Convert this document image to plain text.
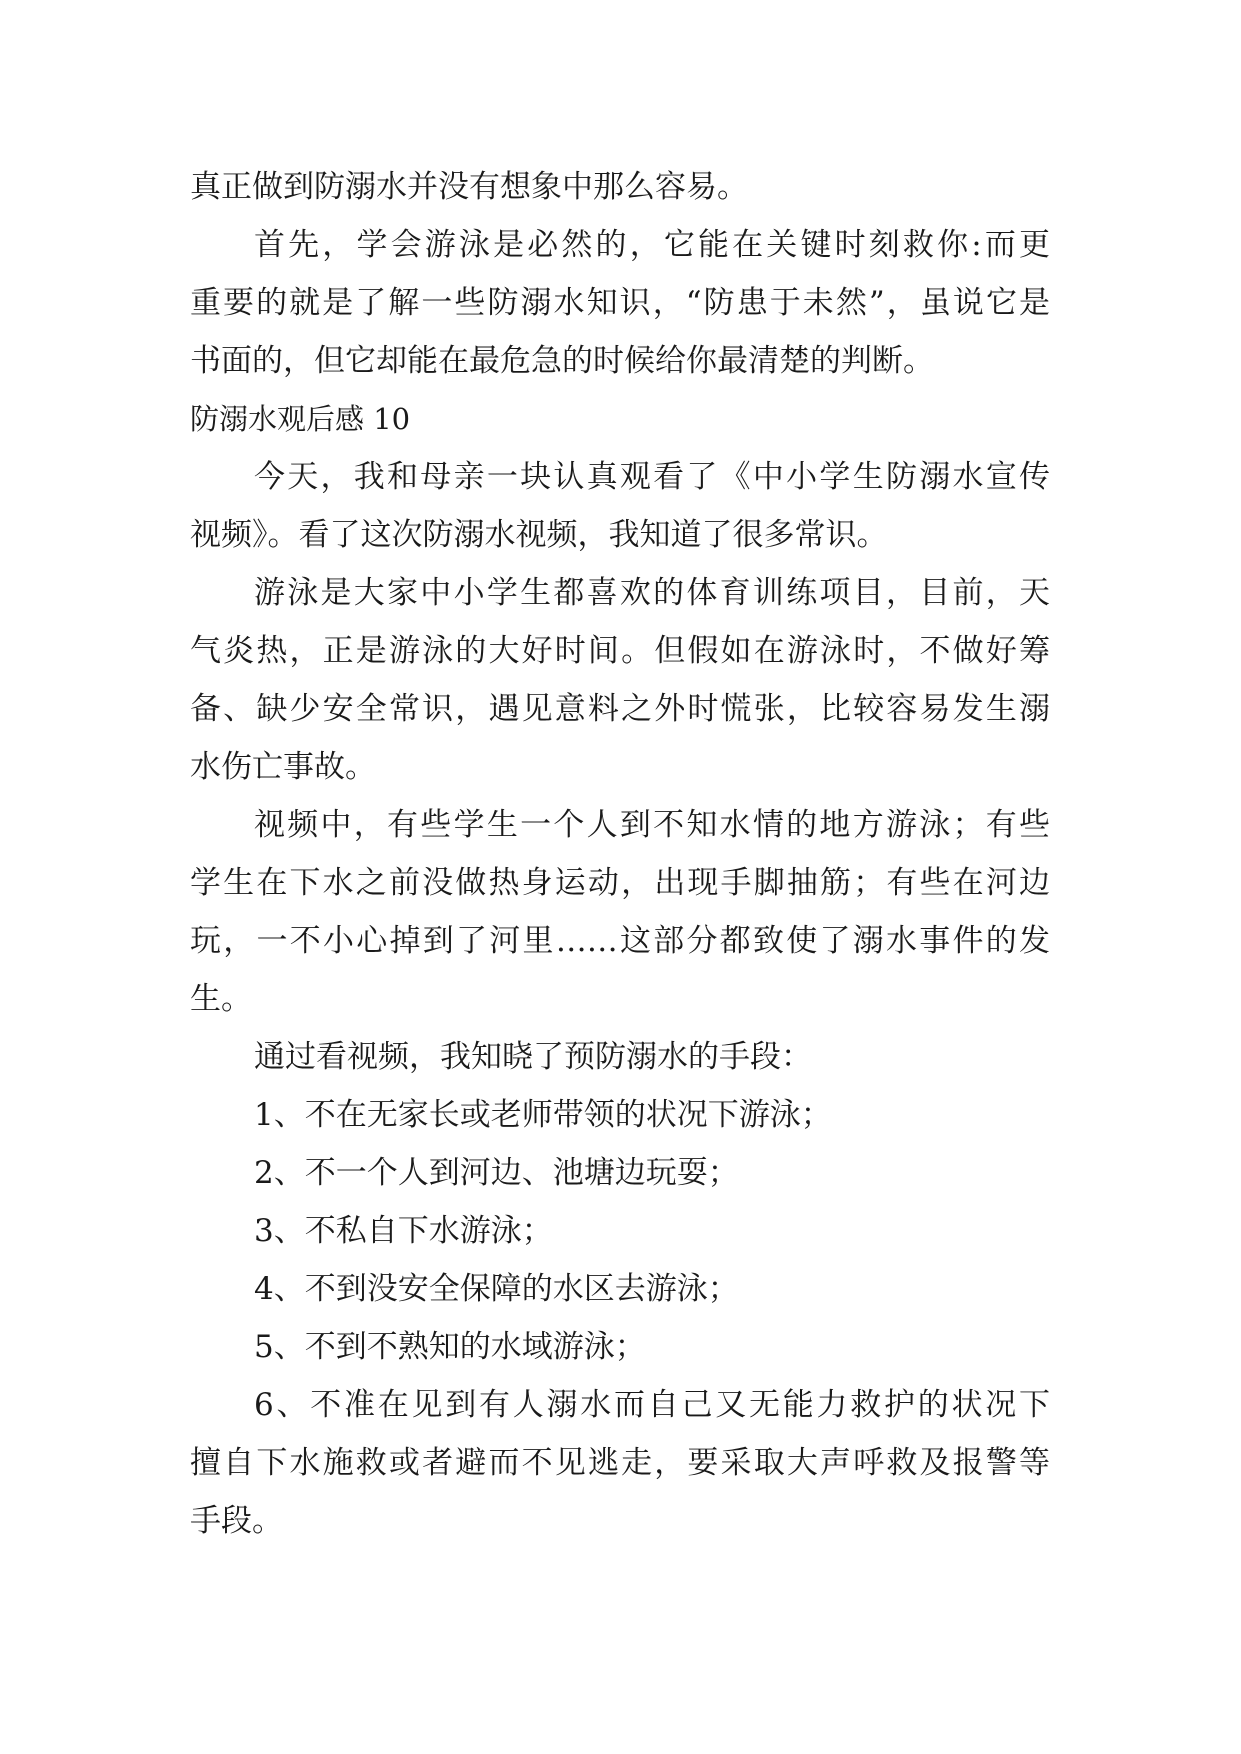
真正做到防溺水并没有想象中那么容易。
首先，学会游泳是必然的，它能在关键时刻救你:而更
重要的就是了解一些防溺水知识，“防患于未然”，虽说它是
书面的，但它却能在最危急的时候给你最清楚的判断。
防溺水观后感 10
今天，我和母亲一块认真观看了《中小学生防溺水宣传
视频》。看了这次防溺水视频，我知道了很多常识。
游泳是大家中小学生都喜欢的体育训练项目，目前，天
气炎热，正是游泳的大好时间。但假如在游泳时，不做好筹
备、缺少安全常识，遇见意料之外时慌张，比较容易发生溺
水伤亡事故。
视频中，有些学生一个人到不知水情的地方游泳；有些
学生在下水之前没做热身运动，出现手脚抽筋；有些在河边
玩，一不小心掉到了河里……这部分都致使了溺水事件的发
生。
通过看视频，我知晓了预防溺水的手段：
1、不在无家长或老师带领的状况下游泳；
2、不一个人到河边、池塘边玩耍；
3、不私自下水游泳；
4、不到没安全保障的水区去游泳；
5、不到不熟知的水域游泳；
6、不准在见到有人溺水而自己又无能力救护的状况下
擅自下水施救或者避而不见逃走，要采取大声呼救及报警等
手段。
